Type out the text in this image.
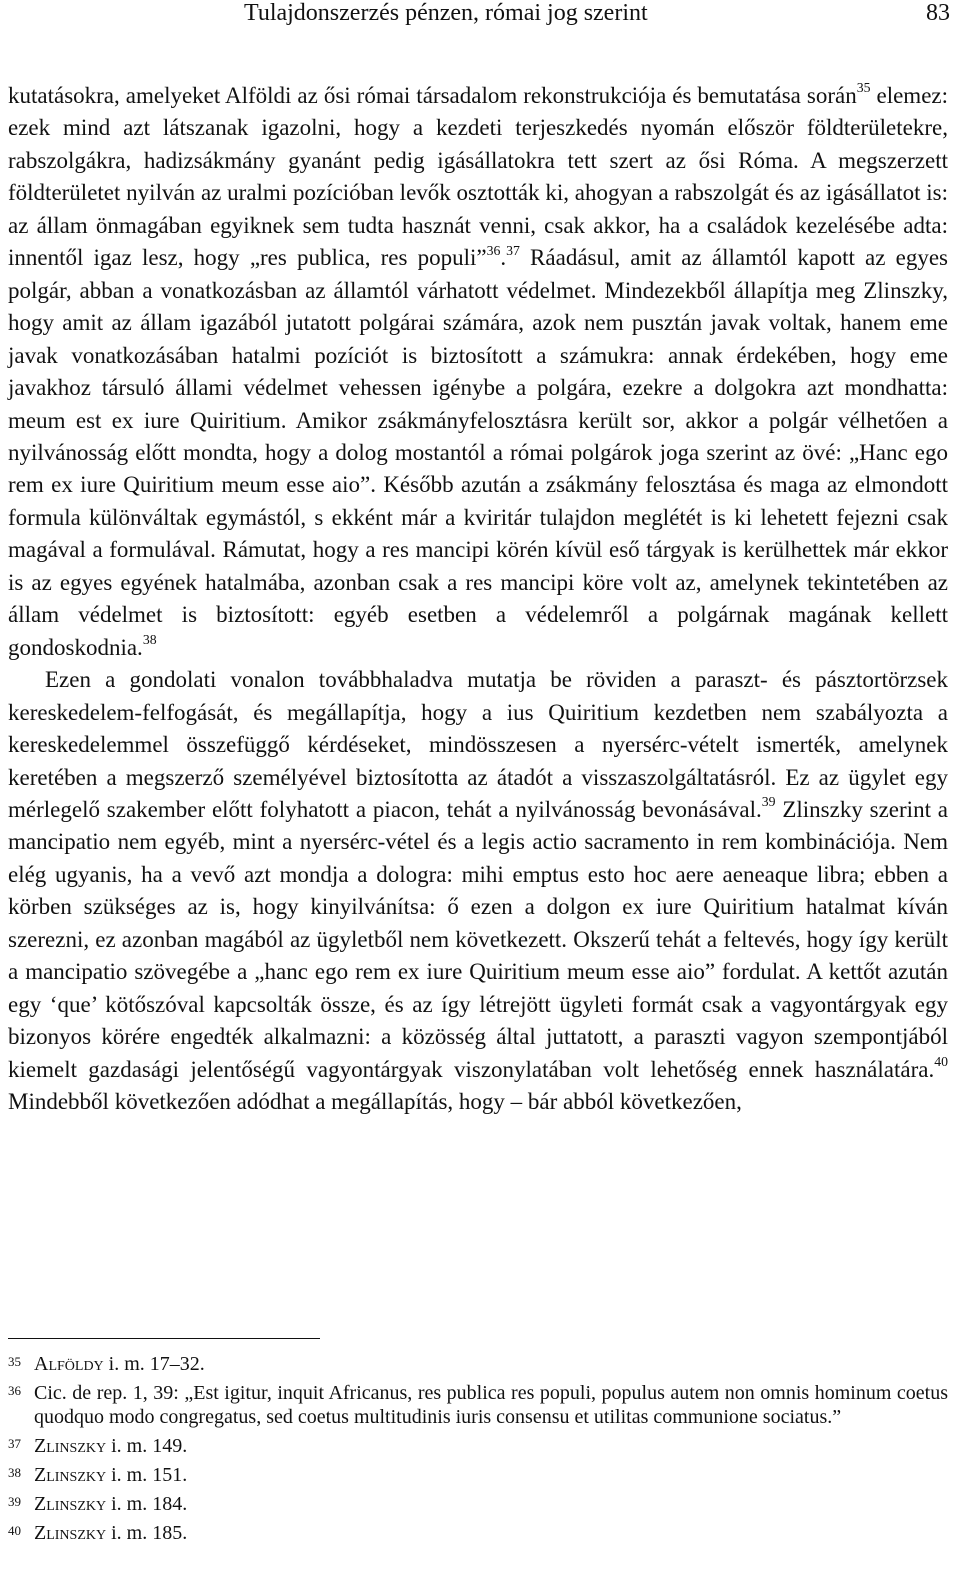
Tulajdonszerzés pénzen, római jog szerint	83

kutatásokra, amelyeket Alföldi az ősi római társadalom rekonstrukciója és bemutatása során$^{35}$ elemez: ezek mind azt látszanak igazolni, hogy a kezdeti terjeszkedés nyomán először földterületekre, rabszolgákra, hadizsákmány gyanánt pedig igásállatokra tett szert az ősi Róma. A megszerzett földterületet nyilván az uralmi pozícióban levők osztották ki, ahogyan a rabszolgát és az igásállatot is: az állam önmagában egyiknek sem tudta hasznát venni, csak akkor, ha a családok kezelésébe adta: innentől igaz lesz, hogy „res publica, res populi”$^{36}$.$^{37}$ Ráadásul, amit az államtól kapott az egyes polgár, abban a vonatkozásban az államtól várhatott védelmet. Mindezekből állapítja meg Zlinszky, hogy amit az állam igazából jutatott polgárai számára, azok nem pusztán javak voltak, hanem eme javak vonatkozásában hatalmi pozíciót is biztosított a számukra: annak érdekében, hogy eme javakhoz társuló állami védelmet vehessen igénybe a polgára, ezekre a dolgokra azt mondhatta: meum est ex iure Quiritium. Amikor zsákmányfelosztásra került sor, akkor a polgár vélhetően a nyilvánosság előtt mondta, hogy a dolog mostantól a római polgárok joga szerint az övé: „Hanc ego rem ex iure Quiritium meum esse aio”. Később azután a zsákmány felosztása és maga az elmondott formula különváltak egymástól, s ekként már a kviritár tulajdon meglétét is ki lehetett fejezni csak magával a formulával. Rámutat, hogy a res mancipi körén kívül eső tárgyak is kerülhettek már ekkor is az egyes egyének hatalmába, azonban csak a res mancipi köre volt az, amelynek tekintetében az állam védelmet is biztosított: egyéb esetben a védelemről a polgárnak magának kellett gondoskodnia.$^{38}$

Ezen a gondolati vonalon továbbhaladva mutatja be röviden a paraszt- és pásztortörzsek kereskedelem-felfogását, és megállapítja, hogy a ius Quiritium kezdetben nem szabályozta a kereskedelemmel összefüggő kérdéseket, mindösszesen a nyersérc-vételt ismerték, amelynek keretében a megszerző személyével biztosította az átadót a visszaszolgáltatásról. Ez az ügylet egy mérlegelő szakember előtt folyhatott a piacon, tehát a nyilvánosság bevonásával.$^{39}$ Zlinszky szerint a mancipatio nem egyéb, mint a nyersérc-vétel és a legis actio sacramento in rem kombinációja. Nem elég ugyanis, ha a vevő azt mondja a dologra: mihi emptus esto hoc aere aeneaque libra; ebben a körben szükséges az is, hogy kinyilvánítsa: ő ezen a dolgon ex iure Quiritium hatalmat kíván szerezni, ez azonban magából az ügyletből nem következett. Okszerű tehát a feltevés, hogy így került a mancipatio szövegébe a „hanc ego rem ex iure Quiritium meum esse aio” fordulat. A kettőt azután egy ‘que’ kötőszóval kapcsolták össze, és az így létrejött ügyleti formát csak a vagyontárgyak egy bizonyos körére engedték alkalmazni: a közösség által juttatott, a paraszti vagyon szempontjából kiemelt gazdasági jelentőségű vagyontárgyak viszonylatában volt lehetőség ennek használatára.$^{40}$ Mindebből következően adódhat a megállapítás, hogy – bár abból következően,

35 Alföldy i. m. 17–32.
36 Cic. de rep. 1, 39: „Est igitur, inquit Africanus, res publica res populi, populus autem non omnis hominum coetus quodquo modo congregatus, sed coetus multitudinis iuris consensu et utilitas communione sociatus.”
37 Zlinszky i. m. 149.
38 Zlinszky i. m. 151.
39 Zlinszky i. m. 184.
40 Zlinszky i. m. 185.
